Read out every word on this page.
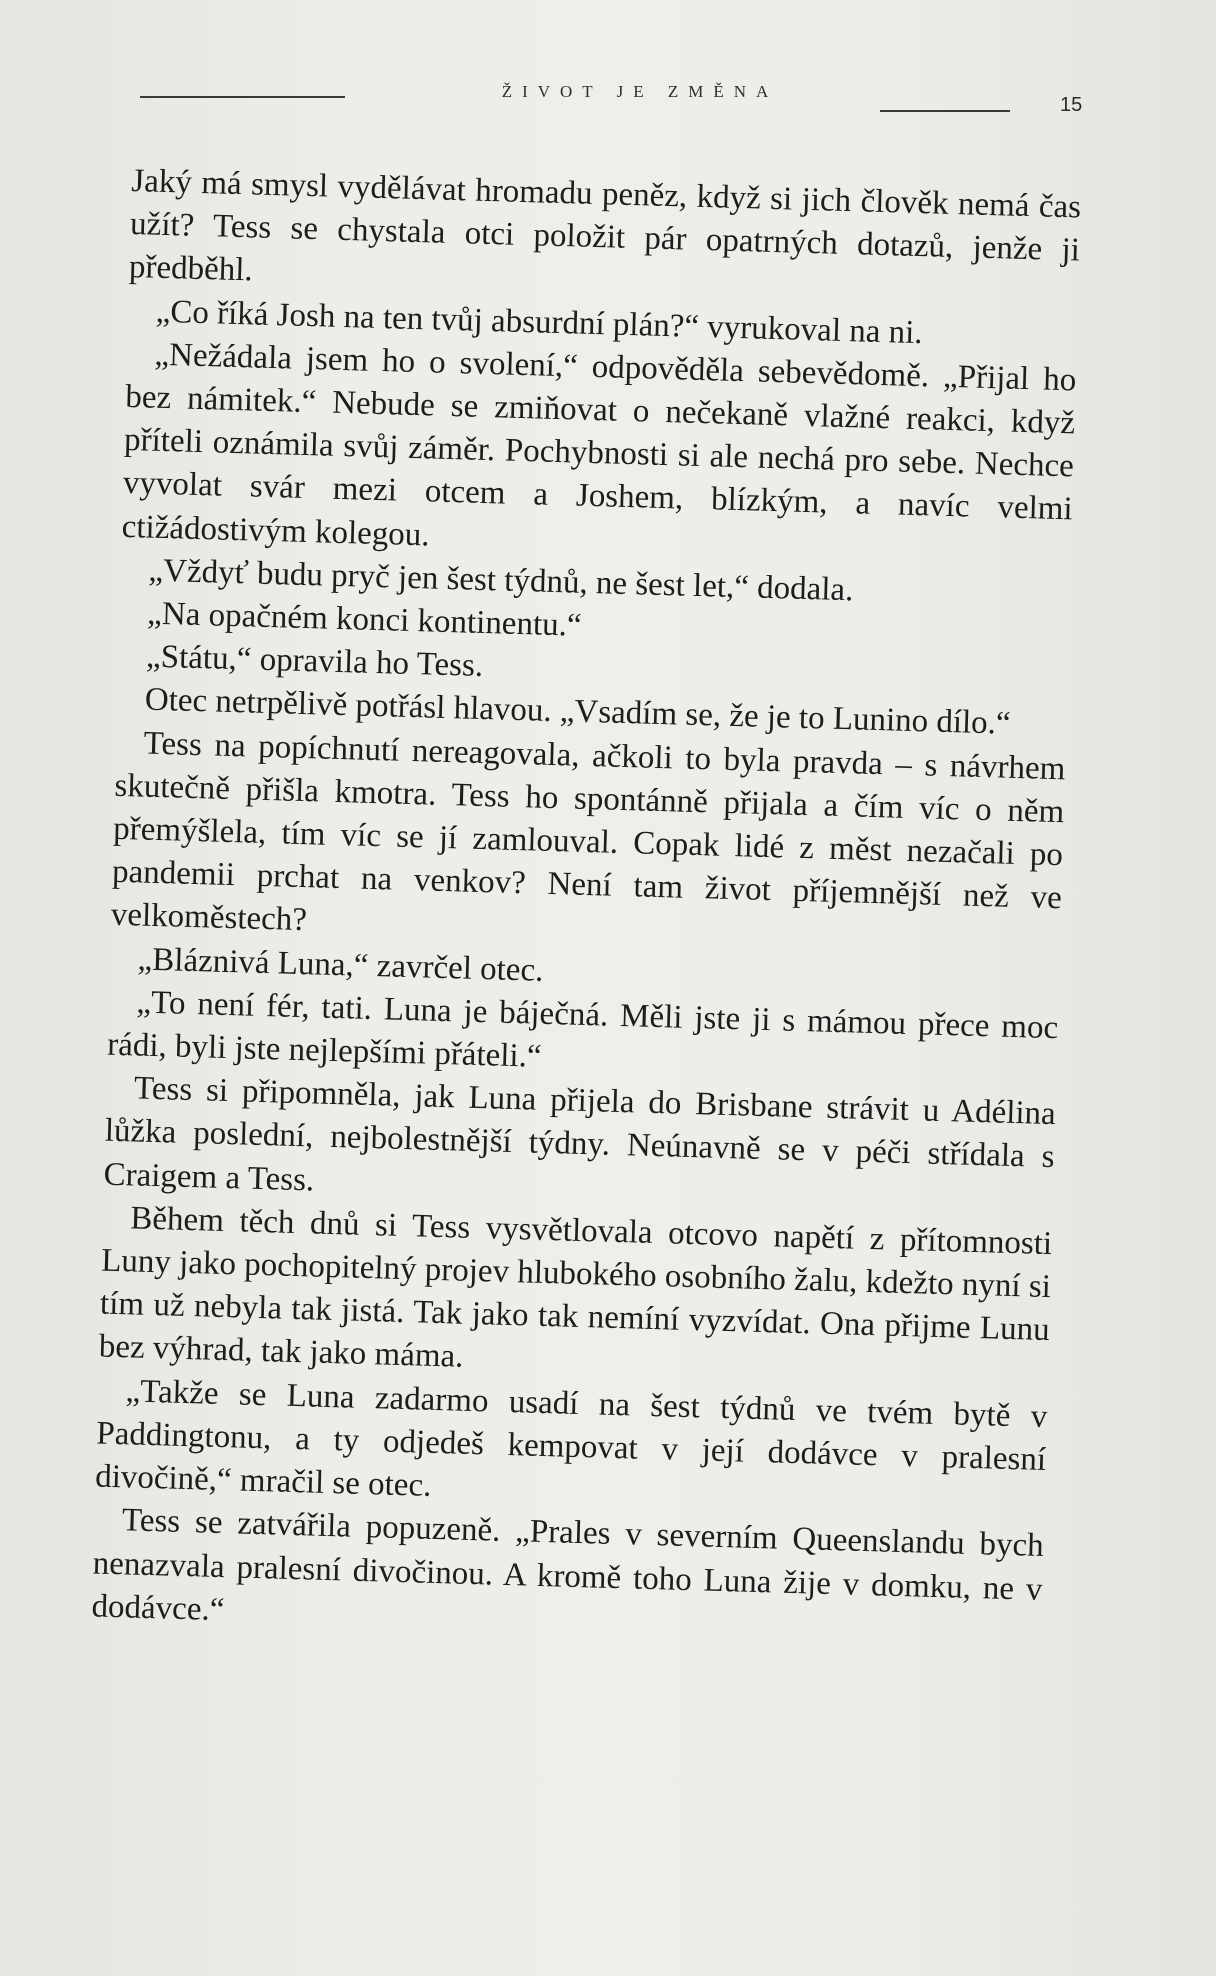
ŽIVOT JE ZMĚNA
15

Jaký má smysl vydělávat hromadu peněz, když si jich člověk nemá čas užít? Tess se chystala otci položit pár opatrných dotazů, jenže ji předběhl.

„Co říká Josh na ten tvůj absurdní plán?“ vyrukoval na ni.

„Nežádala jsem ho o svolení,“ odpověděla sebevědomě. „Přijal ho bez námitek.“ Nebude se zmiňovat o nečekaně vlažné reakci, když příteli oznámila svůj záměr. Pochybnosti si ale nechá pro sebe. Nechce vyvolat svár mezi otcem a Joshem, blízkým, a navíc velmi ctižádostivým kolegou.

„Vždyť budu pryč jen šest týdnů, ne šest let,“ dodala.

„Na opačném konci kontinentu.“

„Státu,“ opravila ho Tess.

Otec netrpělivě potřásl hlavou. „Vsadím se, že je to Lunino dílo.“

Tess na popíchnutí nereagovala, ačkoli to byla pravda – s návrhem skutečně přišla kmotra. Tess ho spontánně přijala a čím víc o něm přemýšlela, tím víc se jí zamlouval. Copak lidé z měst nezačali po pandemii prchat na venkov? Není tam život příjemnější než ve velkoměstech?

„Bláznivá Luna,“ zavrčel otec.

„To není fér, tati. Luna je báječná. Měli jste ji s mámou přece moc rádi, byli jste nejlepšími přáteli.“

Tess si připomněla, jak Luna přijela do Brisbane strávit u Adélina lůžka poslední, nejbolestnější týdny. Neúnavně se v péči střídala s Craigem a Tess.

Během těch dnů si Tess vysvětlovala otcovo napětí z přítomnosti Luny jako pochopitelný projev hlubokého osobního žalu, kdežto nyní si tím už nebyla tak jistá. Tak jako tak nemíní vyzvídat. Ona přijme Lunu bez výhrad, tak jako máma.

„Takže se Luna zadarmo usadí na šest týdnů ve tvém bytě v Paddingtonu, a ty odjedeš kempovat v její dodávce v pralesní divočině,“ mračil se otec.

Tess se zatvářila popuzeně. „Prales v severním Queenslandu bych nenazvala pralesní divočinou. A kromě toho Luna žije v domku, ne v dodávce.“
